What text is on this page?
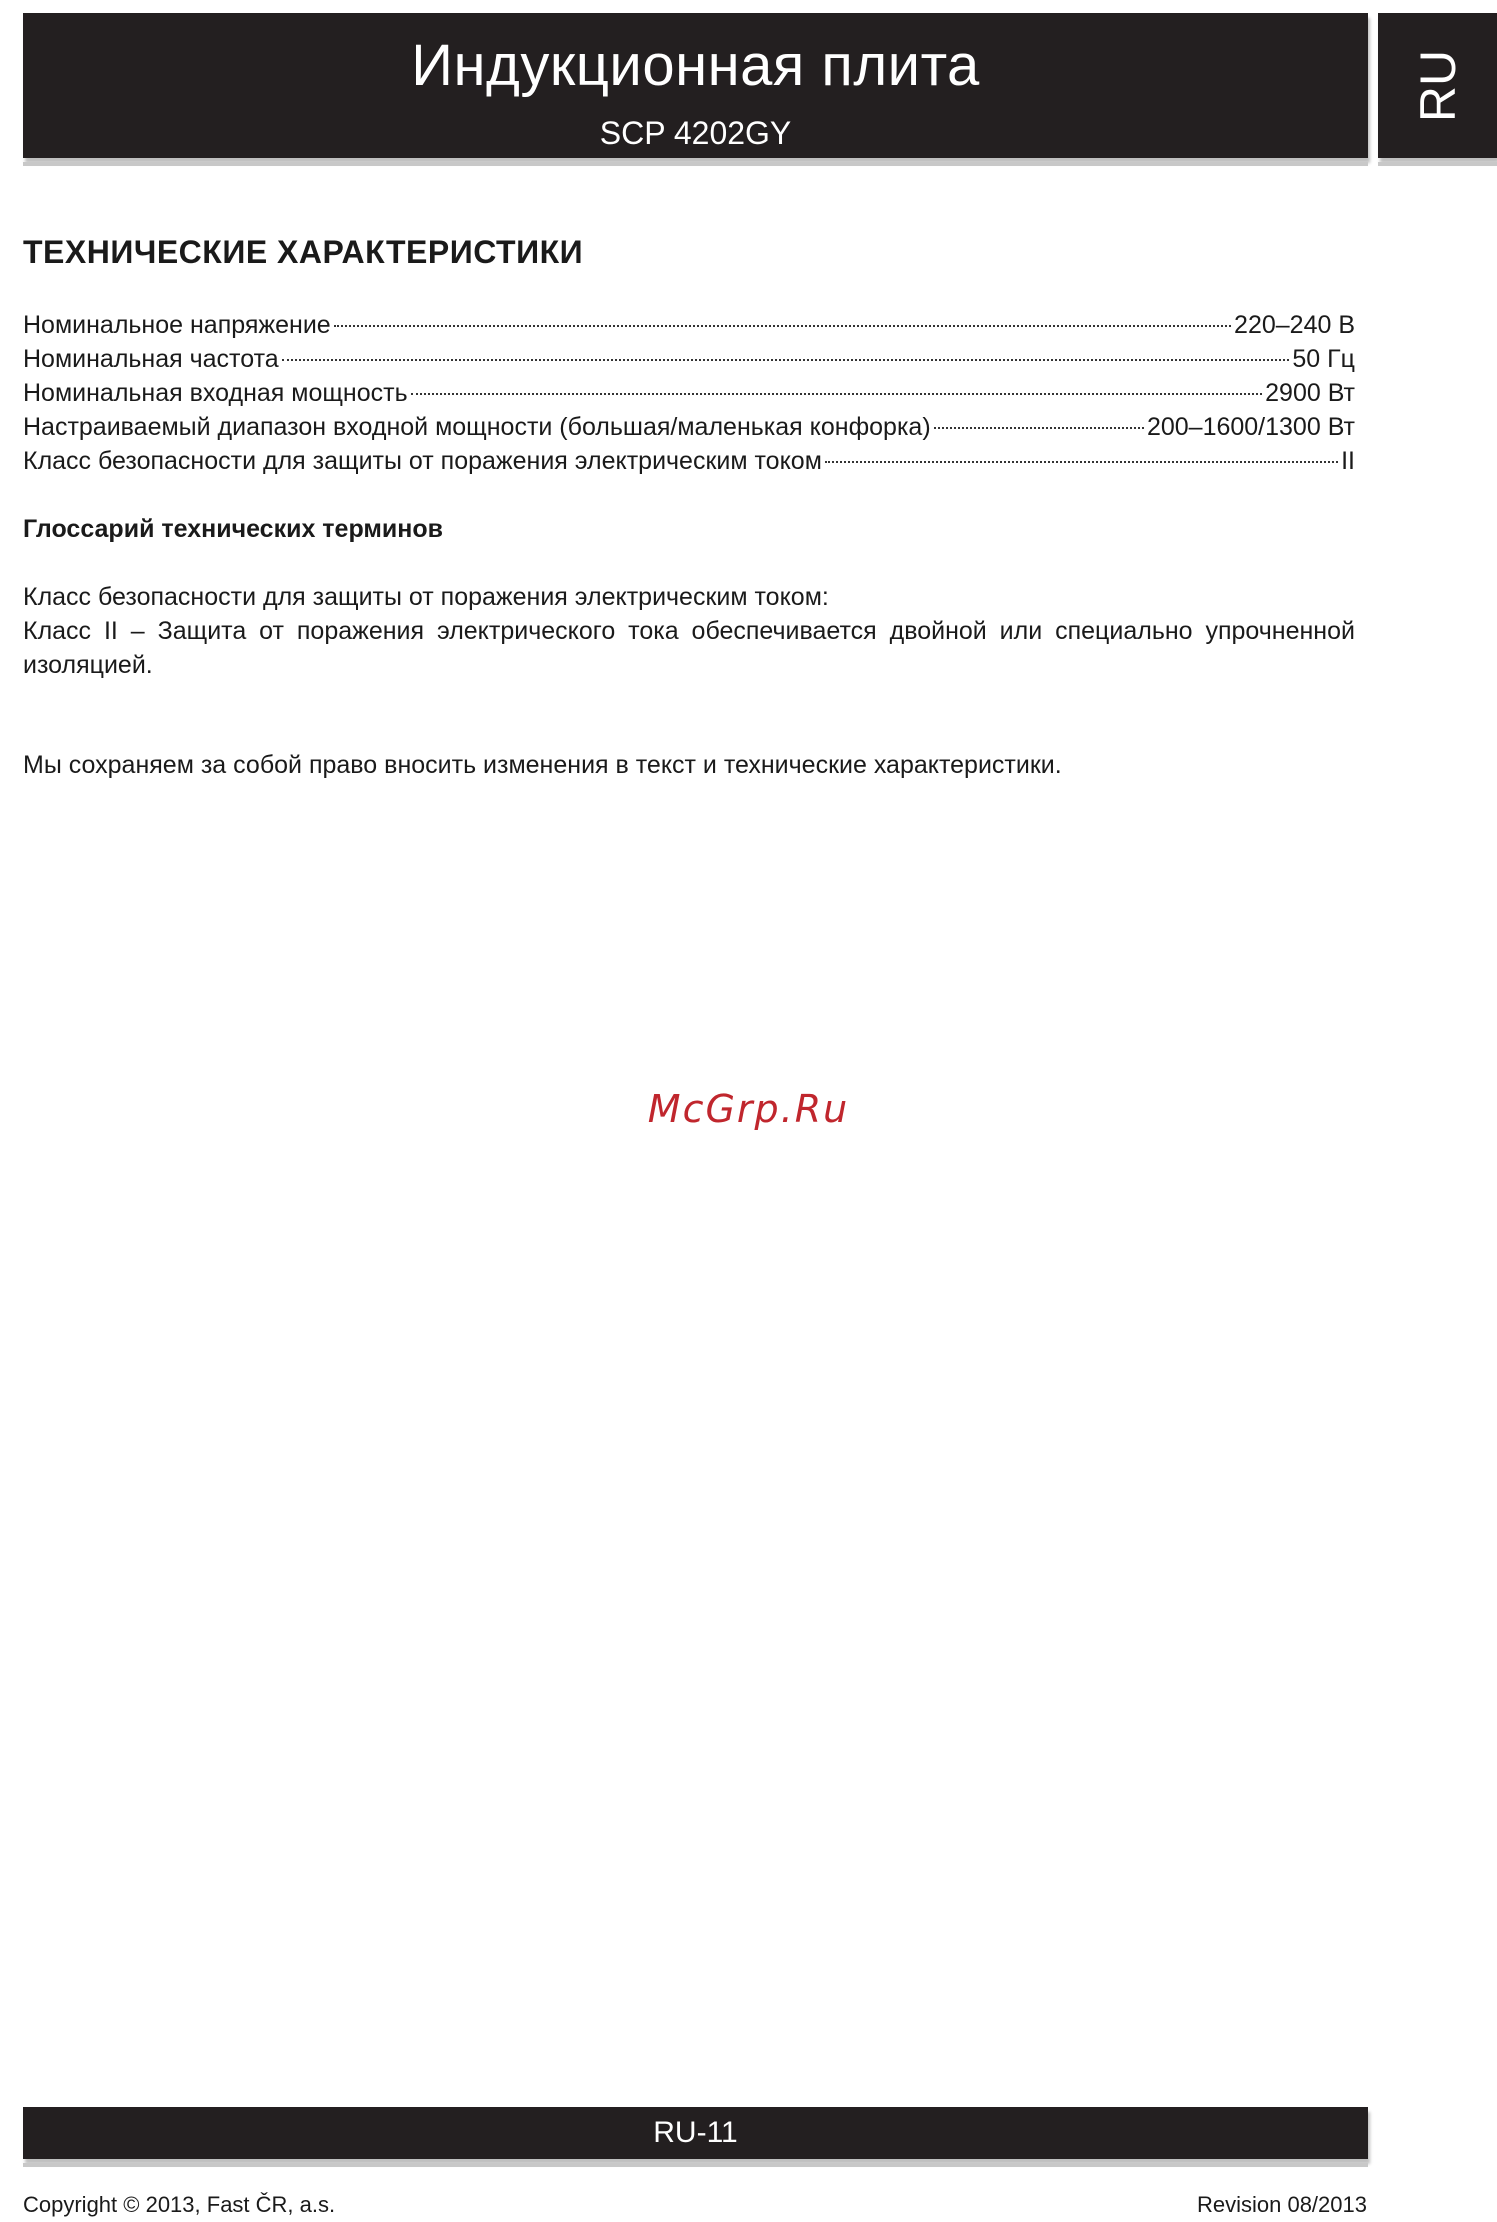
Индукционная плита
SCP 4202GY
RU
ТЕХНИЧЕСКИЕ ХАРАКТЕРИСТИКИ
Номинальное напряжение	220–240 В
Номинальная частота	50 Гц
Номинальная входная мощность	2900 Вт
Настраиваемый диапазон входной мощности (большая/маленькая конфорка)	200–1600/1300 Вт
Класс безопасности для защиты от поражения электрическим током	II
Глоссарий технических терминов
Класс безопасности для защиты от поражения электрическим током:
Класс II – Защита от поражения электрического тока обеспечивается двойной или специально упрочненной
изоляцией.
Мы сохраняем за собой право вносить изменения в текст и технические характеристики.
McGrp.Ru
RU-11
Copyright © 2013, Fast ČR, a.s.	Revision 08/2013
